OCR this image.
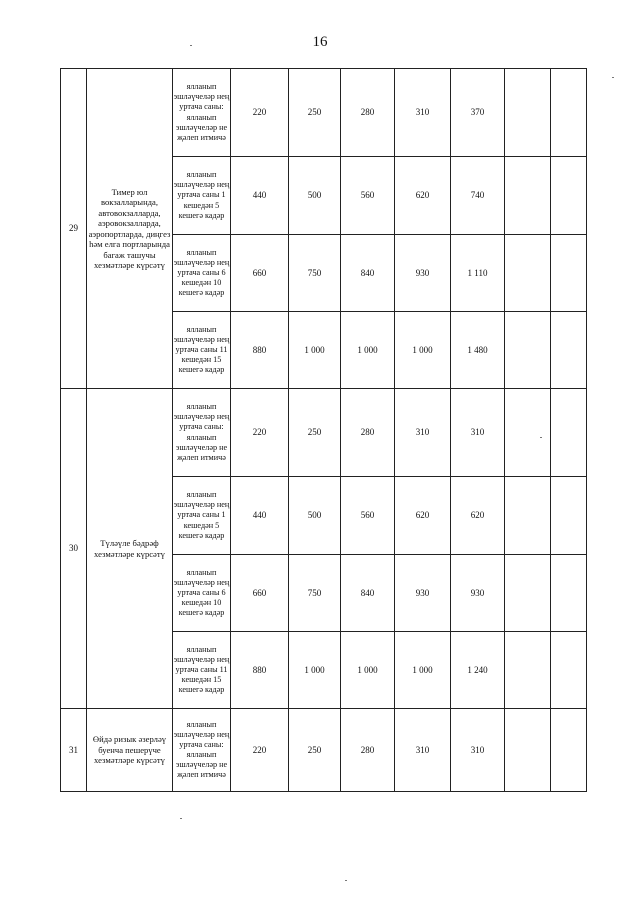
16
29	Тимер юл вокзалларында, автовокзалларда, аэровокзалларда, аэропортларда, диңгез һәм елга портларында багаж ташучы хезмәтләре күрсәтү	ялланып эшләүчеләр нең уртача саны: ялланып эшләүчеләр не җәлеп итмичә	220	250	280	310	370		
		ялланып эшләүчеләр нең уртача саны 1 кешедән 5 кешегә кадәр	440	500	560	620	740		
		ялланып эшләүчеләр нең уртача саны 6 кешедән 10 кешегә кадәр	660	750	840	930	1 110		
		ялланып эшләүчеләр нең уртача саны 11 кешедән 15 кешегә кадәр	880	1 000	1 000	1 000	1 480		
30	Түләүле бәдрәф хезмәтләре күрсәтү	ялланып эшләүчеләр нең уртача саны: ялланып эшләүчеләр не җәлеп итмичә	220	250	280	310	310		
		ялланып эшләүчеләр нең уртача саны 1 кешедән 5 кешегә кадәр	440	500	560	620	620		
		ялланып эшләүчеләр нең уртача саны 6 кешедән 10 кешегә кадәр	660	750	840	930	930		
		ялланып эшләүчеләр нең уртача саны 11 кешедән 15 кешегә кадәр	880	1 000	1 000	1 000	1 240		
31	Өйдә ризык әзерләү буенча пешерүче хезмәтләре күрсәтү	ялланып эшләүчеләр нең уртача саны: ялланып эшләүчеләр не җәлеп итмичә	220	250	280	310	310		
